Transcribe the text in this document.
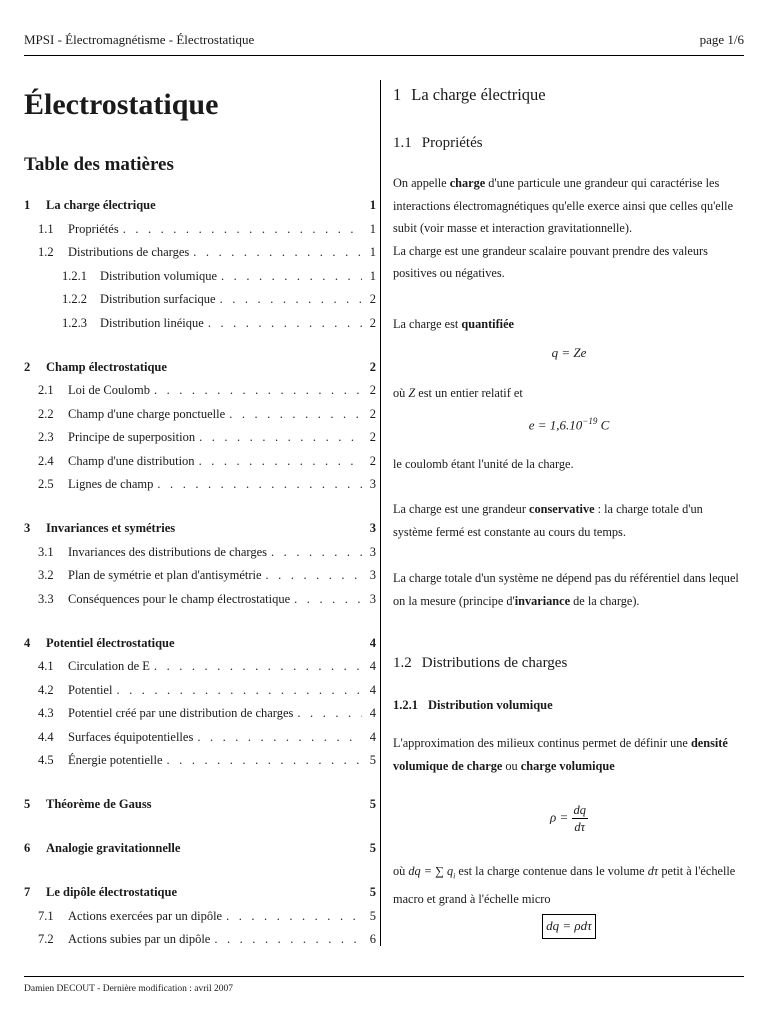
MPSI - Électromagnétisme - Électrostatique	page 1/6
Électrostatique
Table des matières
1	La charge électrique	1
1.1	Propriétés . . .	1
1.2	Distributions de charges . . .	1
1.2.1	Distribution volumique . . .	1
1.2.2	Distribution surfacique . . .	2
1.2.3	Distribution linéique . . .	2
2	Champ électrostatique	2
2.1	Loi de Coulomb . . .	2
2.2	Champ d'une charge ponctuelle . . .	2
2.3	Principe de superposition . . .	2
2.4	Champ d'une distribution . . .	2
2.5	Lignes de champ . . .	3
3	Invariances et symétries	3
3.1	Invariances des distributions de charges . . .	3
3.2	Plan de symétrie et plan d'antisymétrie . . .	3
3.3	Conséquences pour le champ électrostatique . . .	3
4	Potentiel électrostatique	4
4.1	Circulation de E . . .	4
4.2	Potentiel . . .	4
4.3	Potentiel créé par une distribution de charges . . .	4
4.4	Surfaces équipotentielles . . .	4
4.5	Énergie potentielle . . .	5
5	Théorème de Gauss	5
6	Analogie gravitationnelle	5
7	Le dipôle électrostatique	5
7.1	Actions exercées par un dipôle . . .	5
7.2	Actions subies par un dipôle . . .	6
1 La charge électrique
1.1 Propriétés

On appelle charge d'une particule une grandeur qui caractérise les interactions électromagnétiques qu'elle exerce ainsi que celles qu'elle subit (voir masse et interaction gravitationnelle).
La charge est une grandeur scalaire pouvant prendre des valeurs positives ou négatives.

La charge est quantifiée

q = Ze

où Z est un entier relatif et

$e = 1,6.10^{-19}$ C

le coulomb étant l'unité de la charge.

La charge est une grandeur conservative : la charge totale d'un système fermé est constante au cours du temps.

La charge totale d'un système ne dépend pas du référentiel dans lequel on la mesure (principe d'invariance de la charge).

1.2 Distributions de charges
1.2.1 Distribution volumique

L'approximation des milieux continus permet de définir une densité volumique de charge ou charge volumique

$\rho = \frac{dq}{d\tau}$

où dq = ∑ $q_i$ est la charge contenue dans le volume dτ petit à l'échelle macro et grand à l'échelle micro

dq = ρdτ
Damien DECOUT - Dernière modification : avril 2007
